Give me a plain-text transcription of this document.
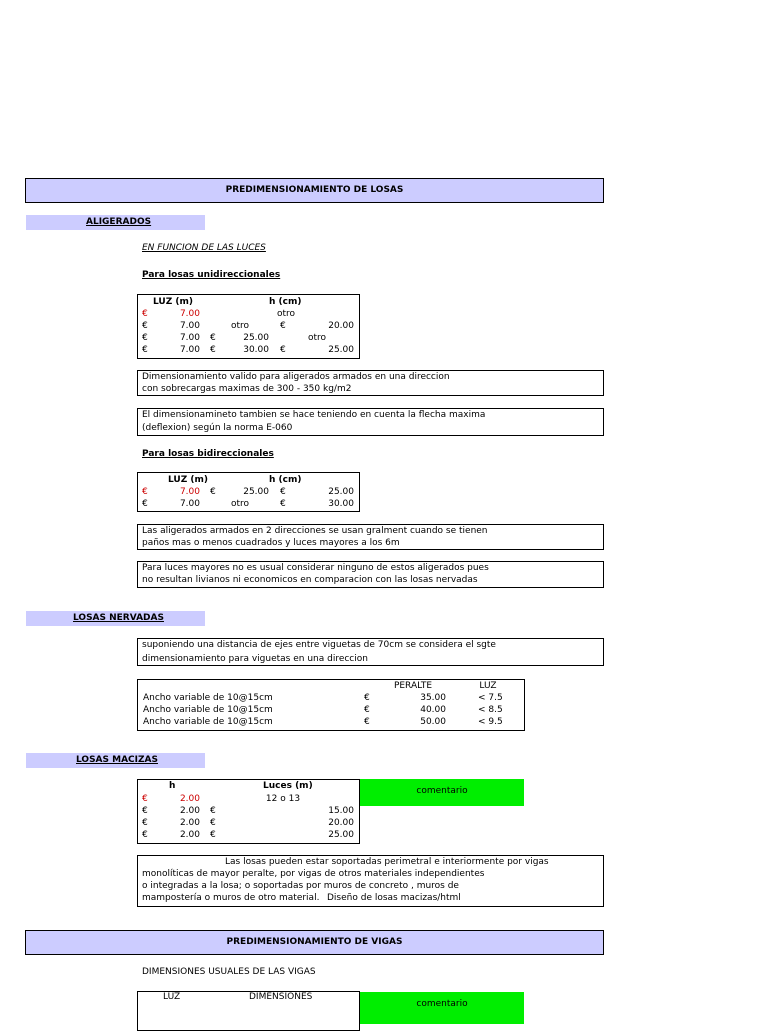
PREDIMENSIONAMIENTO DE LOSAS
ALIGERADOS
EN FUNCION DE LAS LUCES
Para losas unidireccionales
LUZ (m)	h (cm)
€	7.00	otro
€	7.00	otro	€	20.00
€	7.00 €	25.00	otro
€	7.00 €	30.00 €	25.00
Dimensionamiento valido para aligerados armados en una direccion
con sobrecargas maximas de 300 - 350 kg/m2
El dimensionamineto tambien se hace teniendo en cuenta la flecha maxima
(deflexion) según la norma E-060
Para losas bidireccionales
LUZ (m)	h (cm)
€	7.00 €	25.00 €	25.00
€	7.00	otro	€	30.00
Las aligerados armados en 2 direcciones se usan gralment cuando se tienen
paños mas o menos cuadrados y luces mayores a los 6m
Para luces mayores no es usual considerar ninguno de estos aligerados pues
no resultan livianos ni economicos en comparacion con las losas nervadas
LOSAS NERVADAS
suponiendo una distancia de ejes entre viguetas de 70cm se considera el sgte
dimensionamiento para viguetas en una direccion
PERALTE	LUZ
Ancho variable de 10@15cm	€	35.00	< 7.5
Ancho variable de 10@15cm	€	40.00	< 8.5
Ancho variable de 10@15cm	€	50.00	< 9.5
LOSAS MACIZAS
h	Luces (m)
€	2.00	12 o 13
€	2.00 €	15.00
€	2.00 €	20.00
€	2.00 €	25.00
comentario
Las losas pueden estar soportadas perimetral e interiormente por vigas
monolíticas de mayor peralte, por vigas de otros materiales independientes
o integradas a la losa; o soportadas por muros de concreto , muros de
mampostería o muros de otro material. Diseño de losas macizas/html
PREDIMENSIONAMIENTO DE VIGAS
DIMENSIONES USUALES DE LAS VIGAS
LUZ	DIMENSIONES
comentario
